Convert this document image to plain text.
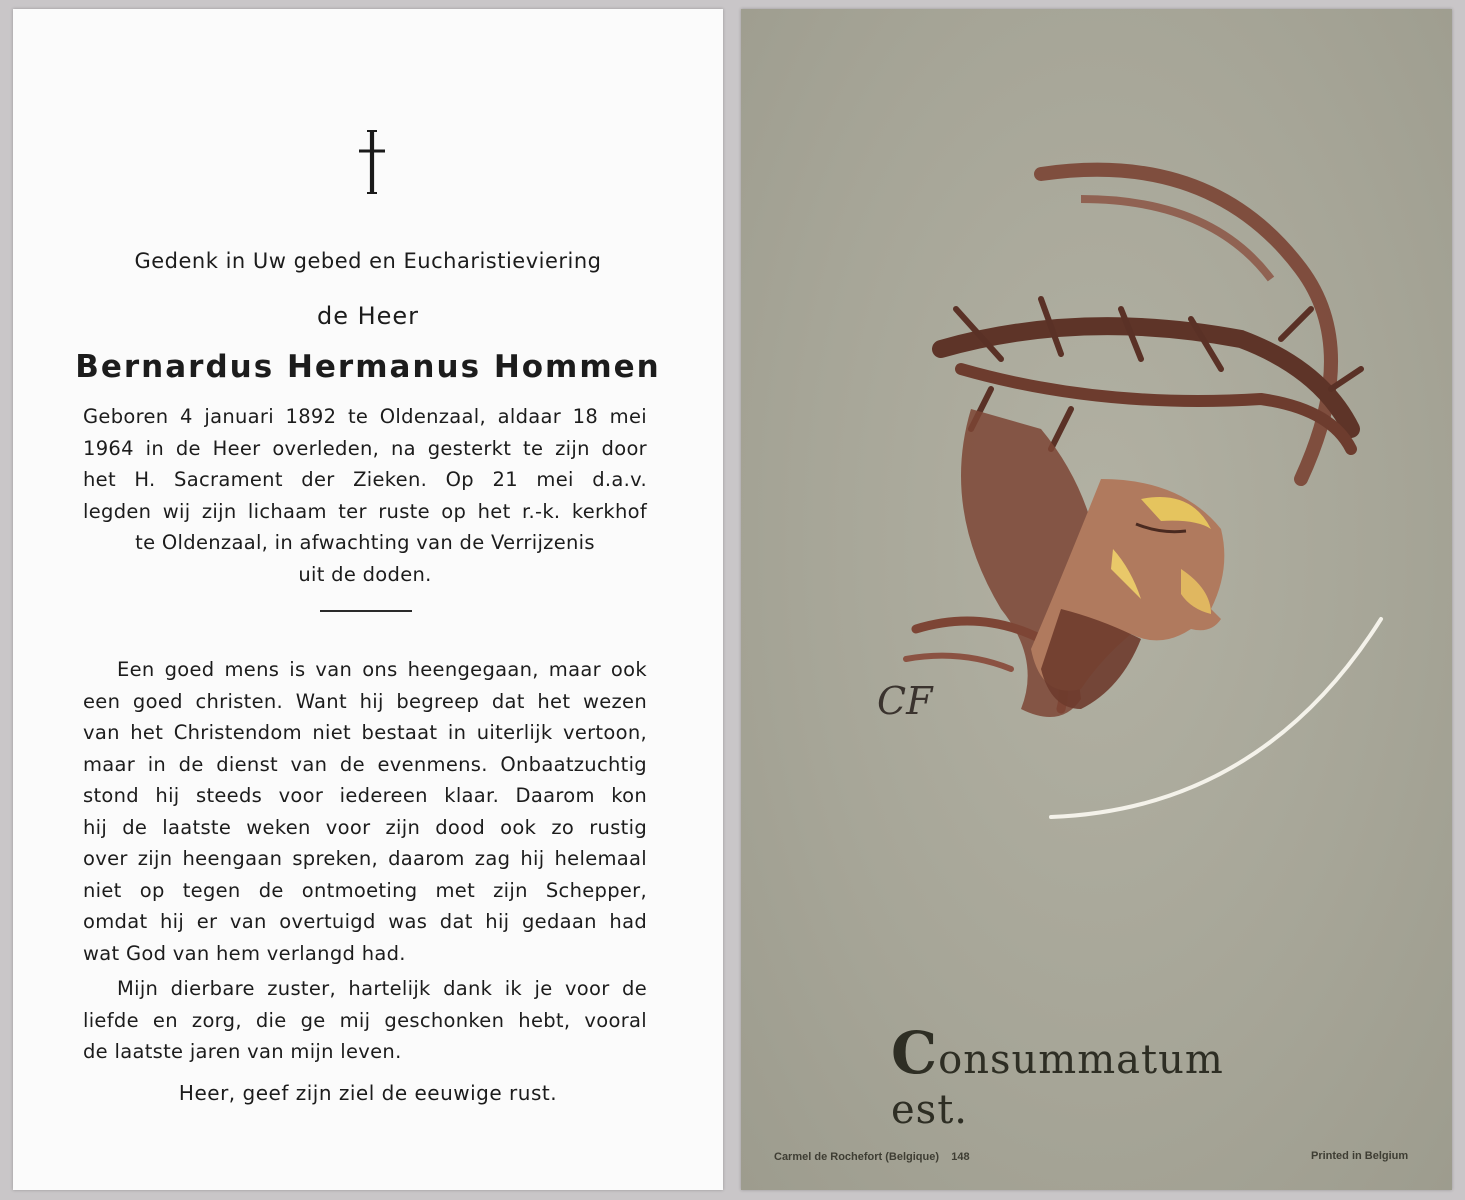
Gedenk in Uw gebed en Eucharistieviering
de Heer
Bernardus Hermanus Hommen
Geboren 4 januari 1892 te Oldenzaal, aldaar 18 mei
1964 in de Heer overleden, na gesterkt te zijn door
het H. Sacrament der Zieken. Op 21 mei d.a.v.
legden wij zijn lichaam ter ruste op het r.-k. kerkhof
te Oldenzaal, in afwachting van de Verrijzenis
uit de doden.
Een goed mens is van ons heengegaan, maar ook
een goed christen. Want hij begreep dat het wezen
van het Christendom niet bestaat in uiterlijk vertoon,
maar in de dienst van de evenmens. Onbaatzuchtig
stond hij steeds voor iedereen klaar. Daarom kon
hij de laatste weken voor zijn dood ook zo rustig
over zijn heengaan spreken, daarom zag hij helemaal
niet op tegen de ontmoeting met zijn Schepper,
omdat hij er van overtuigd was dat hij gedaan had
wat God van hem verlangd had.
Mijn dierbare zuster, hartelijk dank ik je voor de
liefde en zorg, die ge mij geschonken hebt, vooral
de laatste jaren van mijn leven.
Heer, geef zijn ziel de eeuwige rust.
CF
Consummatum est.
Carmel de Rochefort (Belgique)    148	Printed in Belgium
